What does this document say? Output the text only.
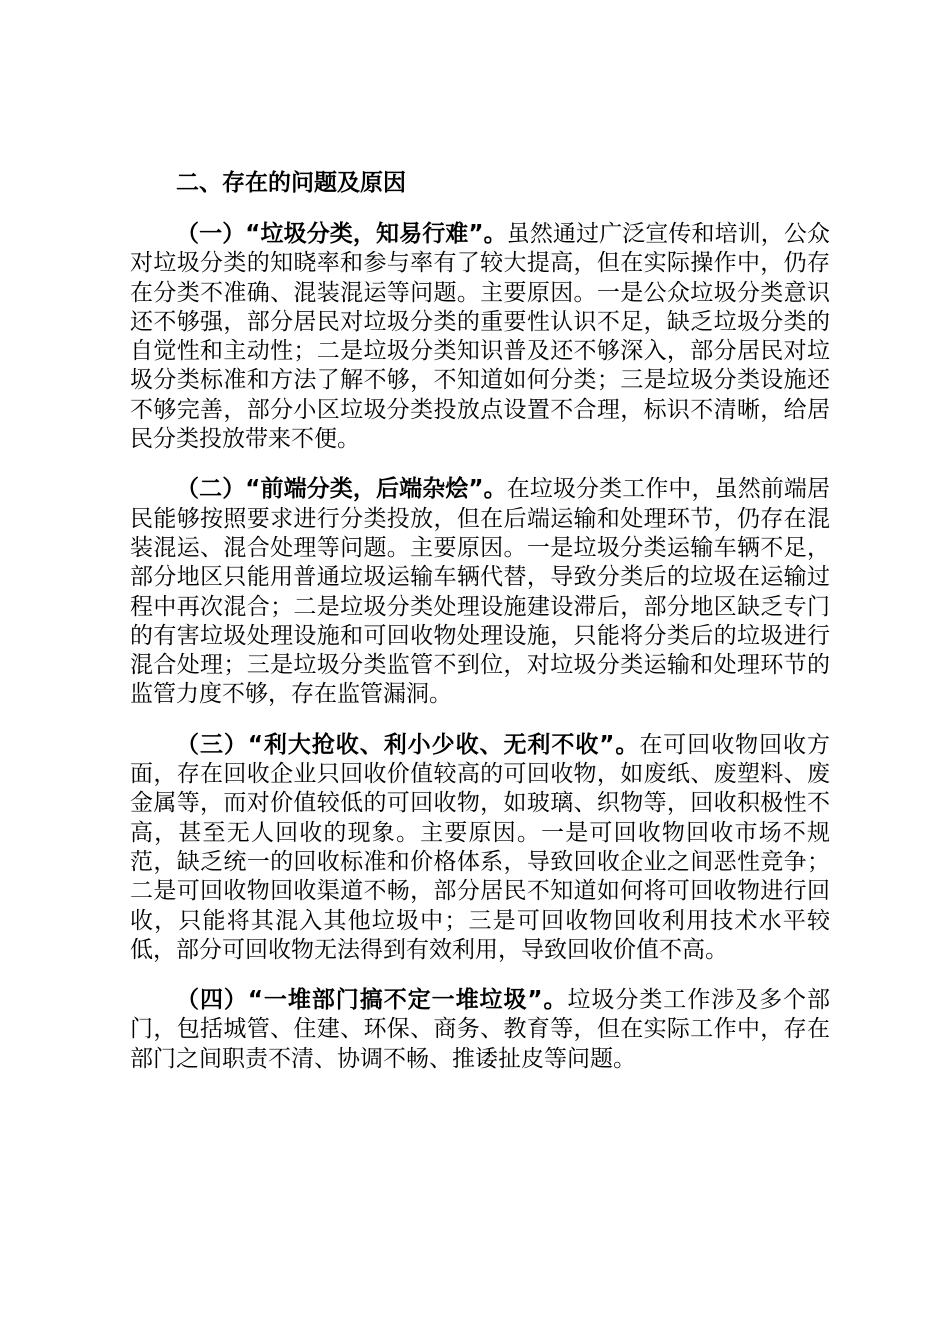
二、存在的问题及原因

（一）“垃圾分类，知易行难”。虽然通过广泛宣传和培训，公众对垃圾分类的知晓率和参与率有了较大提高，但在实际操作中，仍存在分类不准确、混装混运等问题。主要原因。一是公众垃圾分类意识还不够强，部分居民对垃圾分类的重要性认识不足，缺乏垃圾分类的自觉性和主动性；二是垃圾分类知识普及还不够深入，部分居民对垃圾分类标准和方法了解不够，不知道如何分类；三是垃圾分类设施还不够完善，部分小区垃圾分类投放点设置不合理，标识不清晰，给居民分类投放带来不便。

（二）“前端分类，后端杂烩”。在垃圾分类工作中，虽然前端居民能够按照要求进行分类投放，但在后端运输和处理环节，仍存在混装混运、混合处理等问题。主要原因。一是垃圾分类运输车辆不足，部分地区只能用普通垃圾运输车辆代替，导致分类后的垃圾在运输过程中再次混合；二是垃圾分类处理设施建设滞后，部分地区缺乏专门的有害垃圾处理设施和可回收物处理设施，只能将分类后的垃圾进行混合处理；三是垃圾分类监管不到位，对垃圾分类运输和处理环节的监管力度不够，存在监管漏洞。

（三）“利大抢收、利小少收、无利不收”。在可回收物回收方面，存在回收企业只回收价值较高的可回收物，如废纸、废塑料、废金属等，而对价值较低的可回收物，如玻璃、织物等，回收积极性不高，甚至无人回收的现象。主要原因。一是可回收物回收市场不规范，缺乏统一的回收标准和价格体系，导致回收企业之间恶性竞争；二是可回收物回收渠道不畅，部分居民不知道如何将可回收物进行回收，只能将其混入其他垃圾中；三是可回收物回收利用技术水平较低，部分可回收物无法得到有效利用，导致回收价值不高。

（四）“一堆部门搞不定一堆垃圾”。垃圾分类工作涉及多个部门，包括城管、住建、环保、商务、教育等，但在实际工作中，存在部门之间职责不清、协调不畅、推诿扯皮等问题。
